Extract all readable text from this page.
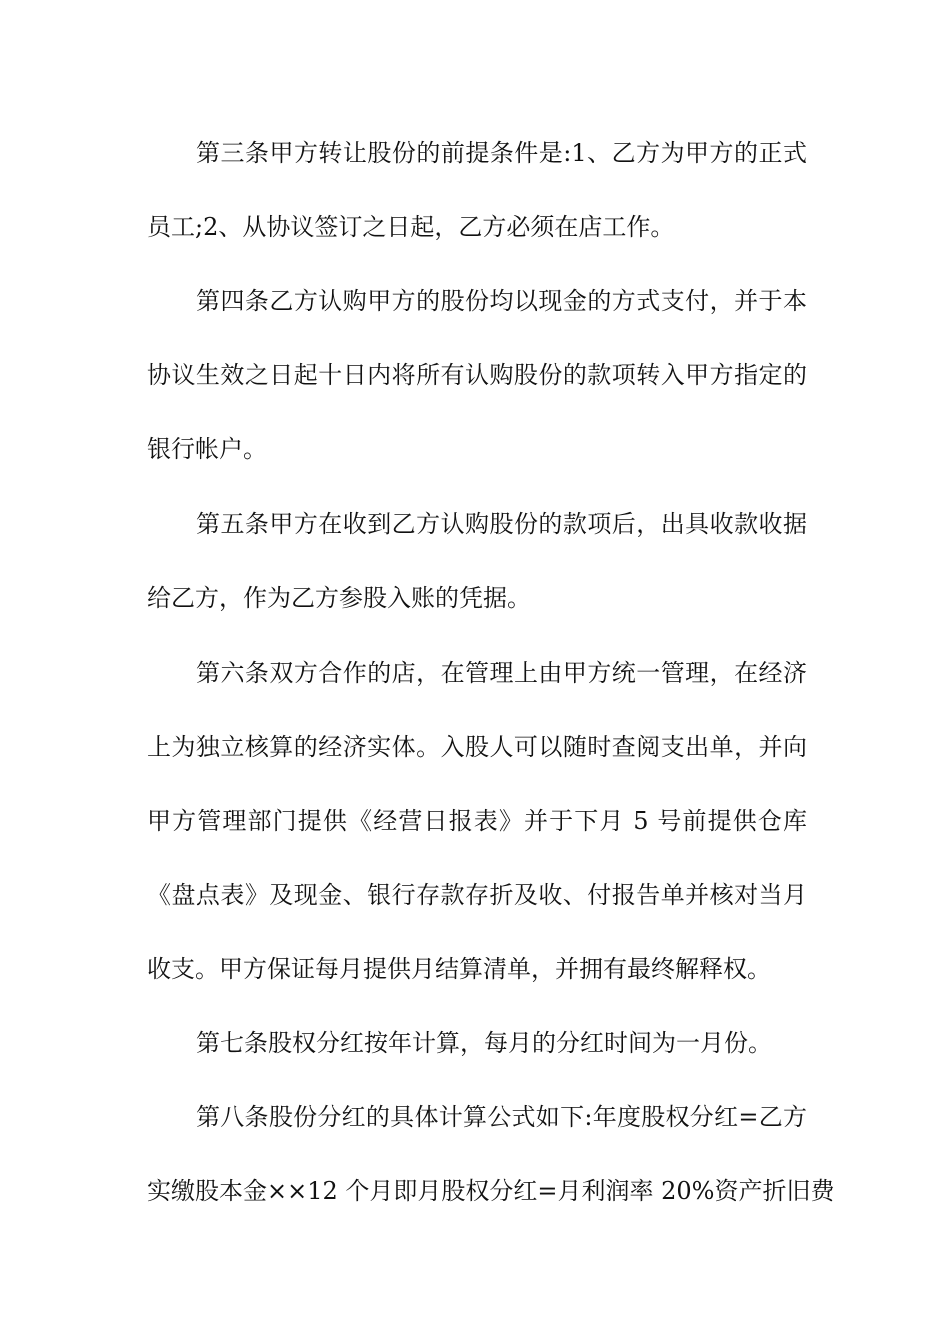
第三条甲方转让股份的前提条件是:1、乙方为甲方的正式
员工;2、从协议签订之日起，乙方必须在店工作。
第四条乙方认购甲方的股份均以现金的方式支付，并于本
协议生效之日起十日内将所有认购股份的款项转入甲方指定的
银行帐户。
第五条甲方在收到乙方认购股份的款项后，出具收款收据
给乙方，作为乙方参股入账的凭据。
第六条双方合作的店，在管理上由甲方统一管理，在经济
上为独立核算的经济实体。入股人可以随时查阅支出单，并向
甲方管理部门提供《经营日报表》并于下月 5 号前提供仓库
《盘点表》及现金、银行存款存折及收、付报告单并核对当月
收支。甲方保证每月提供月结算清单，并拥有最终解释权。
第七条股权分红按年计算，每月的分红时间为一月份。
第八条股份分红的具体计算公式如下:年度股权分红=乙方
实缴股本金××12 个月即月股权分红=月利润率 20%资产折旧费
